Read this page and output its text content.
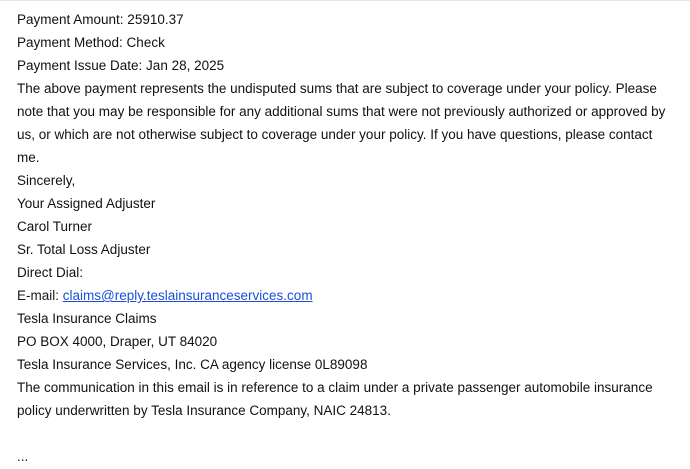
Payment Amount: 25910.37
Payment Method: Check
Payment Issue Date: Jan 28, 2025

The above payment represents the undisputed sums that are subject to coverage under your policy. Please note that you may be responsible for any additional sums that were not previously authorized or approved by us, or which are not otherwise subject to coverage under your policy. If you have questions, please contact me.

Sincerely,
Your Assigned Adjuster
Carol Turner
Sr. Total Loss Adjuster
Direct Dial:
E-mail: claims@reply.teslainsuranceservices.com
Tesla Insurance Claims
PO BOX 4000, Draper, UT 84020
Tesla Insurance Services, Inc. CA agency license 0L89098

The communication in this email is in reference to a claim under a private passenger automobile insurance policy underwritten by Tesla Insurance Company, NAIC 24813.

...
